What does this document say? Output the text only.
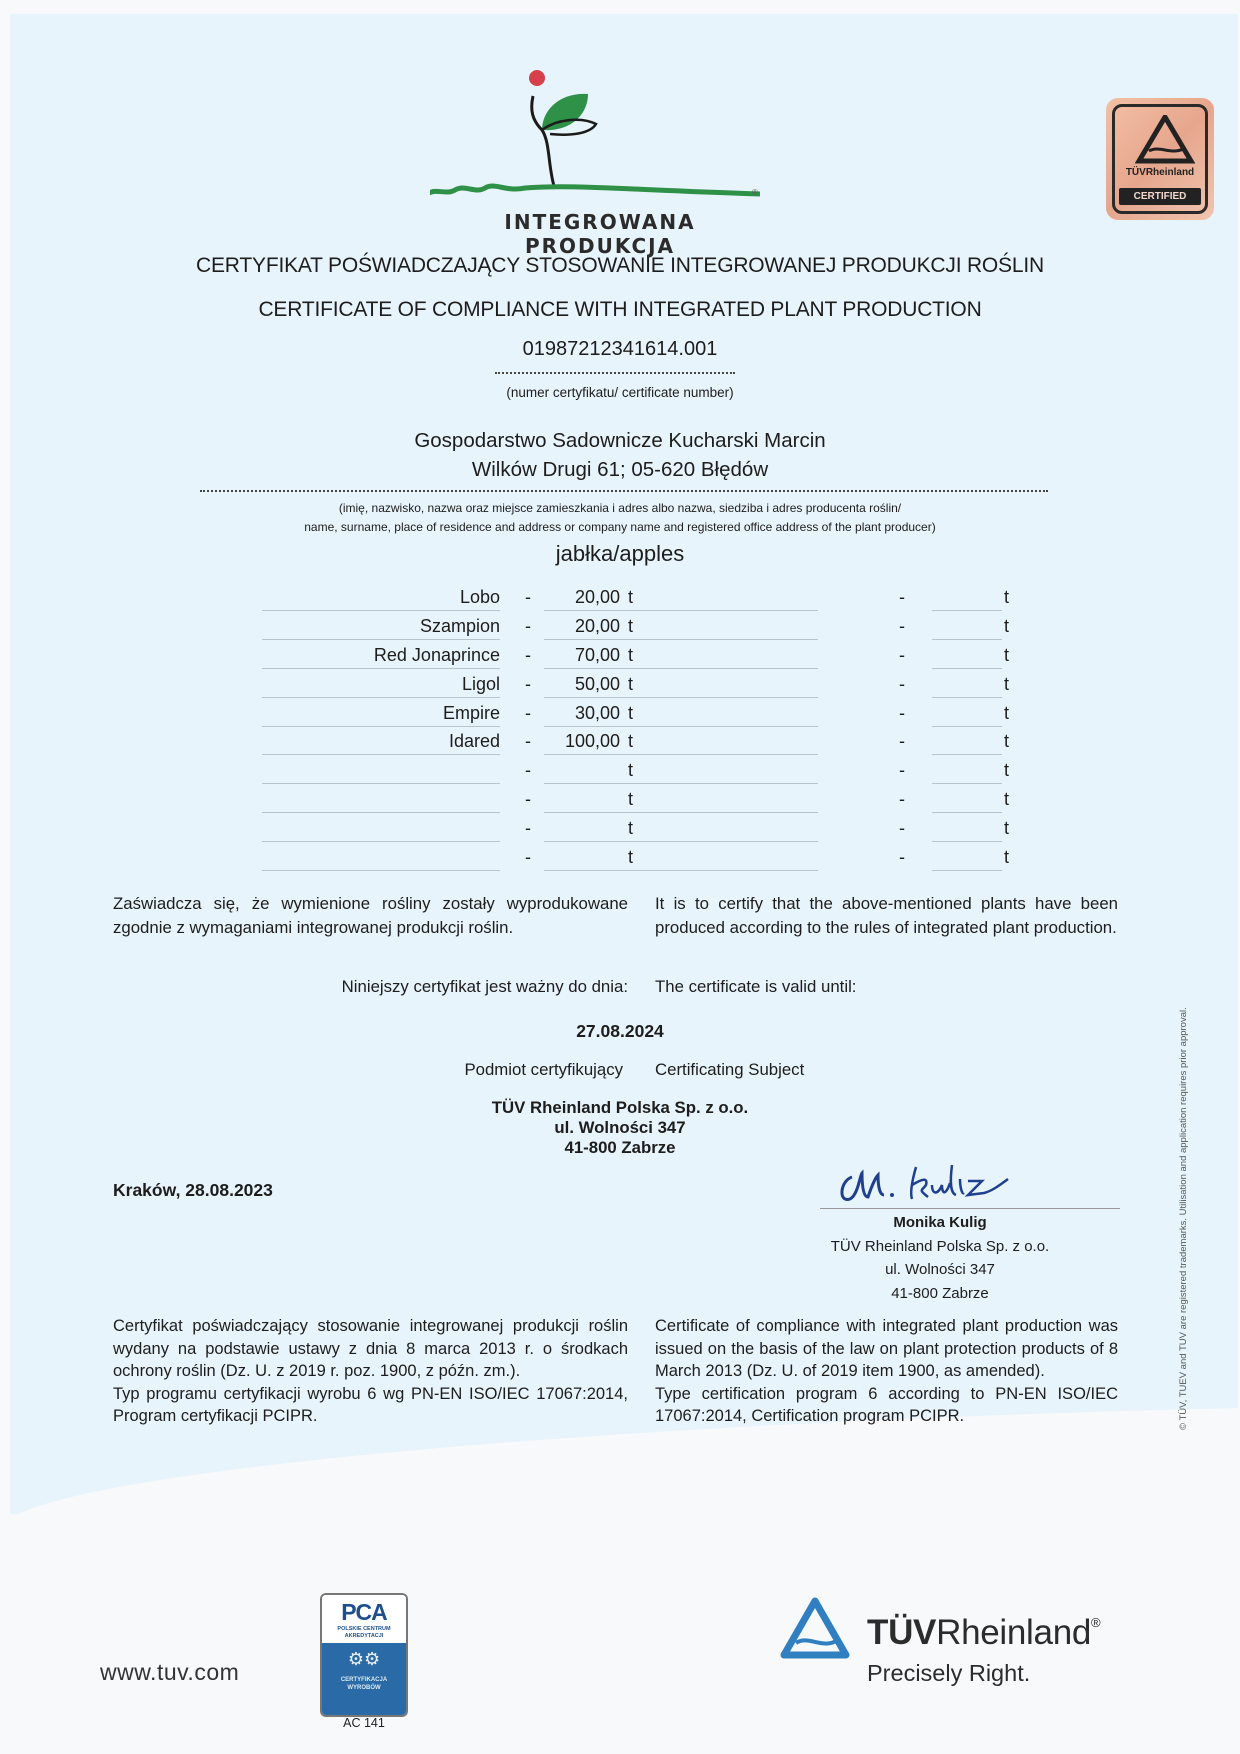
®
INTEGROWANA PRODUKCJA
TÜVRheinland
CERTIFIED
CERTYFIKAT POŚWIADCZAJĄCY STOSOWANIE INTEGROWANEJ PRODUKCJI ROŚLIN
CERTIFICATE OF COMPLIANCE WITH INTEGRATED PLANT PRODUCTION
01987212341614.001
(numer certyfikatu/ certificate number)
Gospodarstwo Sadownicze Kucharski Marcin
Wilków Drugi 61; 05-620 Błędów
(imię, nazwisko, nazwa oraz miejsce zamieszkania i adres albo nazwa, siedziba i adres producenta roślin/
name, surname, place of residence and address or company name and registered office address of the plant producer)
jabłka/apples
Lobo -	20,00 t	-	t
Szampion -	20,00 t	-	t
Red Jonaprince -	70,00 t	-	t
Ligol -	50,00 t	-	t
Empire -	30,00 t	-	t
Idared -	100,00 t	-	t
-	t	-	t
-	t	-	t
-	t	-	t
-	t	-	t
Zaświadcza się, że wymienione rośliny zostały wyprodukowane zgodnie z wymaganiami integrowanej produkcji roślin.
It is to certify that the above-mentioned plants have been produced according to the rules of integrated plant production.
Niniejszy certyfikat jest ważny do dnia: The certificate is valid until:
27.08.2024
Podmiot certyfikujący Certificating Subject
TÜV Rheinland Polska Sp. z o.o.
ul. Wolności 347
41-800 Zabrze
Kraków, 28.08.2023
Monika Kulig
TÜV Rheinland Polska Sp. z o.o.
ul. Wolności 347
41-800 Zabrze
Certyfikat poświadczający stosowanie integrowanej produkcji roślin wydany na podstawie ustawy z dnia 8 marca 2013 r. o środkach ochrony roślin (Dz. U. z 2019 r. poz. 1900, z późn. zm.).
Typ programu certyfikacji wyrobu 6 wg PN-EN ISO/IEC 17067:2014, Program certyfikacji PCIPR.
Certificate of compliance with integrated plant production was issued on the basis of the law on plant protection products of 8 March 2013 (Dz. U. of 2019 item 1900, as amended).
Type certification program 6 according to PN-EN ISO/IEC 17067:2014, Certification program PCIPR.	© TÜV, TUEV and TUV are registered trademarks. Utilisation and application requires prior approval.
www.tuv.com
PCA
POLSKIE CENTRUM
AKREDYTACJI
⚙⚙
CERTYFIKACJA
WYROBÓW
AC 141
TÜVRheinland®
Precisely Right.
